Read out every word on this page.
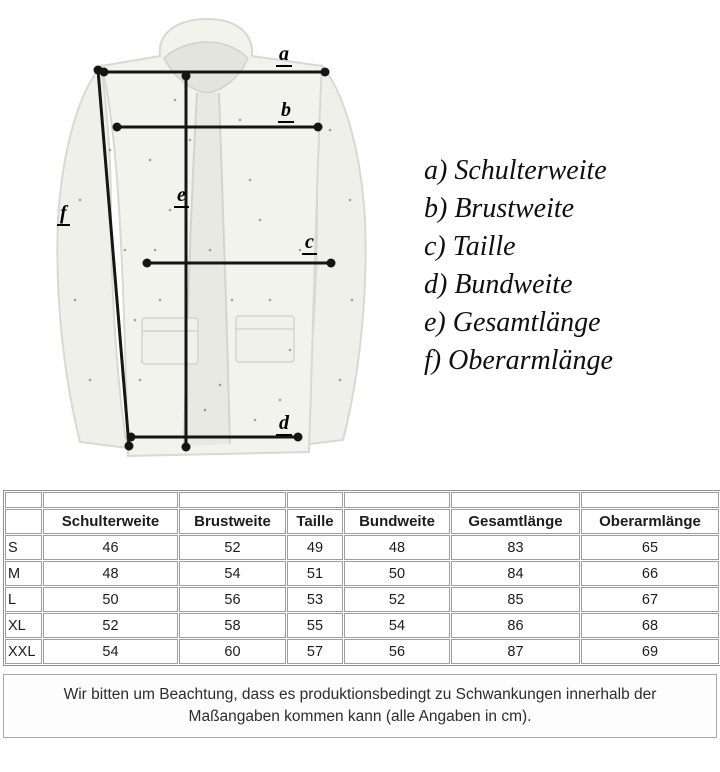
a
b
c
d
e
f
a) Schulterweite
b) Brustweite
c) Taille
d) Bundweite
e) Gesamtlänge
f) Oberarmlänge

	Schulterweite	Brustweite	Taille	Bundweite	Gesamtlänge	Oberarmlänge
S	46	52	49	48	83	65
M	48	54	51	50	84	66
L	50	56	53	52	85	67
XL	52	58	55	54	86	68
XXL	54	60	57	56	87	69
Wir bitten um Beachtung, dass es produktionsbedingt zu Schwankungen innerhalb der
Maßangaben kommen kann (alle Angaben in cm).
